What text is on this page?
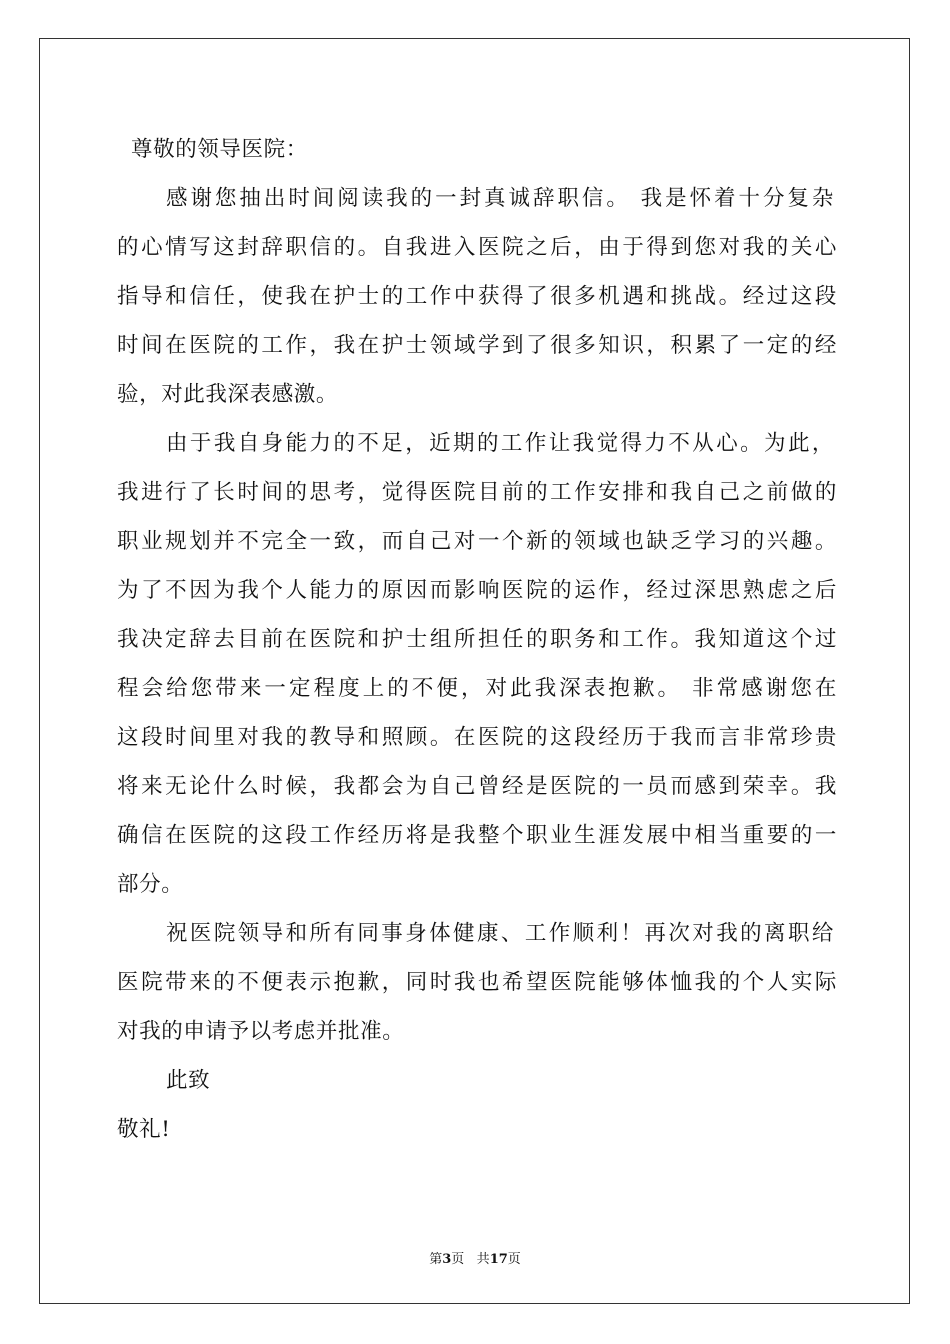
尊敬的领导医院：
感谢您抽出时间阅读我的一封真诚辞职信。 我是怀着十分复杂
的心情写这封辞职信的。自我进入医院之后，由于得到您对我的关心
指导和信任，使我在护士的工作中获得了很多机遇和挑战。经过这段
时间在医院的工作，我在护士领域学到了很多知识，积累了一定的经
验，对此我深表感激。
由于我自身能力的不足，近期的工作让我觉得力不从心。为此，
我进行了长时间的思考，觉得医院目前的工作安排和我自己之前做的
职业规划并不完全一致，而自己对一个新的领域也缺乏学习的兴趣。
为了不因为我个人能力的原因而影响医院的运作，经过深思熟虑之后
我决定辞去目前在医院和护士组所担任的职务和工作。我知道这个过
程会给您带来一定程度上的不便，对此我深表抱歉。 非常感谢您在
这段时间里对我的教导和照顾。在医院的这段经历于我而言非常珍贵
将来无论什么时候，我都会为自己曾经是医院的一员而感到荣幸。我
确信在医院的这段工作经历将是我整个职业生涯发展中相当重要的一
部分。
祝医院领导和所有同事身体健康、工作顺利！再次对我的离职给
医院带来的不便表示抱歉，同时我也希望医院能够体恤我的个人实际
对我的申请予以考虑并批准。
此致
敬礼!
第3页 共17页
